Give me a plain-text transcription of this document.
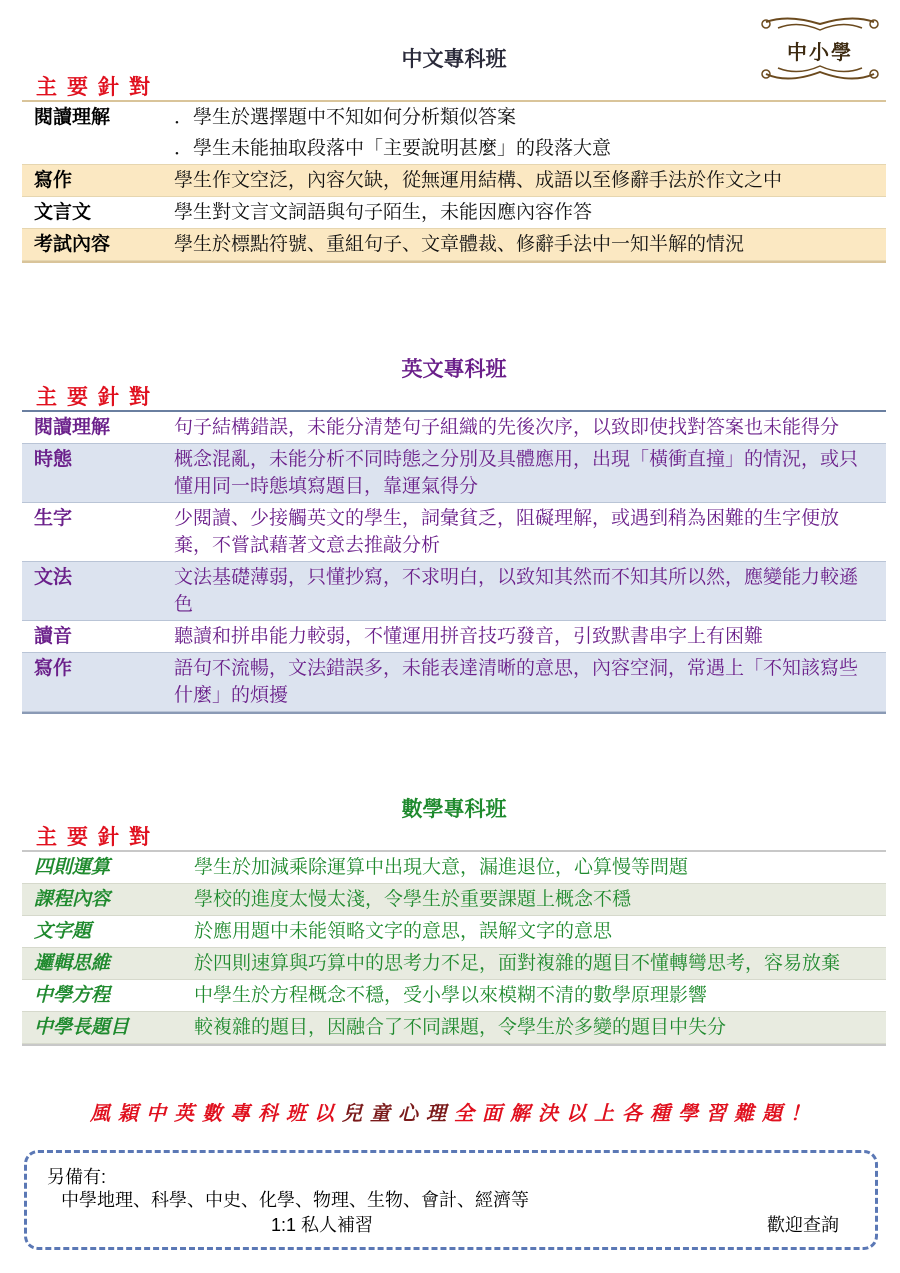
中小學
中文專科班
主要針對
閱讀理解	．學生於選擇題中不知如何分析類似答案
．學生未能抽取段落中「主要說明甚麼」的段落大意
寫作	學生作文空泛，內容欠缺，從無運用結構、成語以至修辭手法於作文之中
文言文	學生對文言文詞語與句子陌生，未能因應內容作答
考試內容	學生於標點符號、重組句子、文章體裁、修辭手法中一知半解的情況
英文專科班
主要針對
閱讀理解	句子結構錯誤，未能分清楚句子組織的先後次序，以致即使找對答案也未能得分
時態	概念混亂，未能分析不同時態之分別及具體應用，出現「橫衝直撞」的情況，或只懂用同一時態填寫題目，靠運氣得分
生字	少閱讀、少接觸英文的學生，詞彙貧乏，阻礙理解，或遇到稍為困難的生字便放棄，不嘗試藉著文意去推敲分析
文法	文法基礎薄弱，只懂抄寫，不求明白，以致知其然而不知其所以然，應變能力較遜色
讀音	聽讀和拼串能力較弱，不懂運用拼音技巧發音，引致默書串字上有困難
寫作	語句不流暢，文法錯誤多，未能表達清晰的意思，內容空洞，常遇上「不知該寫些什麼」的煩擾
數學專科班
主要針對
四則運算	學生於加減乘除運算中出現大意，漏進退位，心算慢等問題
課程內容	學校的進度太慢太淺，令學生於重要課題上概念不穩
文字題	於應用題中未能領略文字的意思，誤解文字的意思
邏輯思維	於四則速算與巧算中的思考力不足，面對複雜的題目不懂轉彎思考，容易放棄
中學方程	中學生於方程概念不穩，受小學以來模糊不清的數學原理影響
中學長題目	較複雜的題目，因融合了不同課題，令學生於多變的題目中失分
風穎中英數專科班以兒童心理全面解決以上各種學習難題！
另備有:
中學地理、科學、中史、化學、物理、生物、會計、經濟等
1:1 私人補習	歡迎查詢
